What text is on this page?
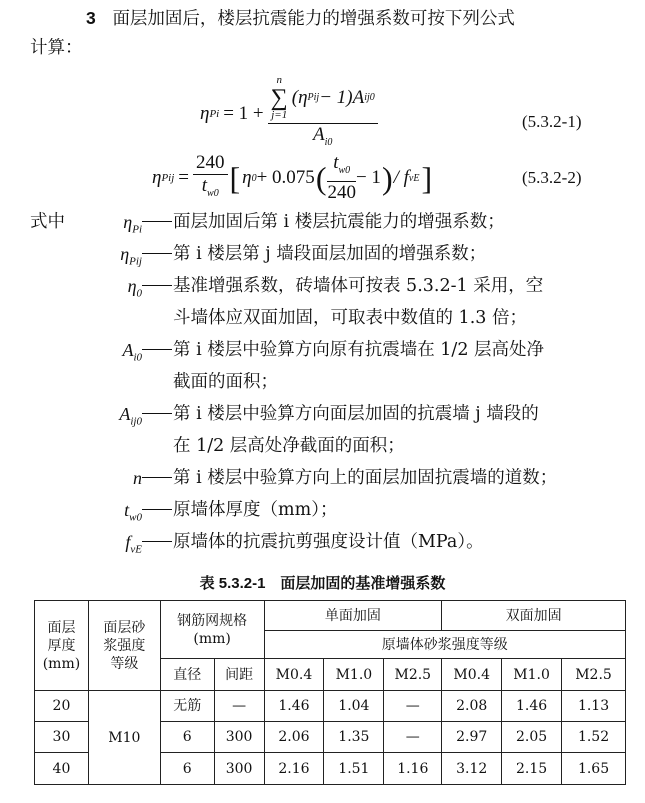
3 面层加固后，楼层抗震能力的增强系数可按下列公式
计算：
η Pi = 1 +
n
∑
j=1
(η Pij − 1)A ij0
$A_{i0}$
(5.3.2-1)
η Pij = $\frac{240}{t_{w0}}$ [ η 0 + 0.075 ( $t_{w0}$
240
− 1 ) / f vE ]	(5.3.2-2)
式中	$\eta_{Pi}$	面层加固后第 i 楼层抗震能力的增强系数；
$\eta_{Pij}$	第 i 楼层第 j 墙段面层加固的增强系数；
$\eta_0$	基准增强系数，砖墙体可按表 5.3.2-1 采用，空
斗墙体应双面加固，可取表中数值的 1.3 倍；
$A_{i0}$	第 i 楼层中验算方向原有抗震墙在 1/2 层高处净
截面的面积；
$A_{ij0}$	第 i 楼层中验算方向面层加固的抗震墙 j 墙段的
在 1/2 层高处净截面的面积；
n	第 i 楼层中验算方向上的面层加固抗震墙的道数；
$t_{w0}$	原墙体厚度（mm）；
$f_{vE}$	原墙体的抗震抗剪强度设计值（MPa）。
表 5.3.2-1　面层加固的基准增强系数
面层
厚度
(mm)	面层砂
浆强度
等级	钢筋网规格
(mm)		单面加固			双面加固		
				原墙体砂浆强度等级					
		直径	间距	M0.4	M1.0	M2.5	M0.4	M1.0	M2.5
20	M10	无筋	—	1.46	1.04	—	2.08	1.46	1.13
30		6	300	2.06	1.35	—	2.97	2.05	1.52
40		6	300	2.16	1.51	1.16	3.12	2.15	1.65
